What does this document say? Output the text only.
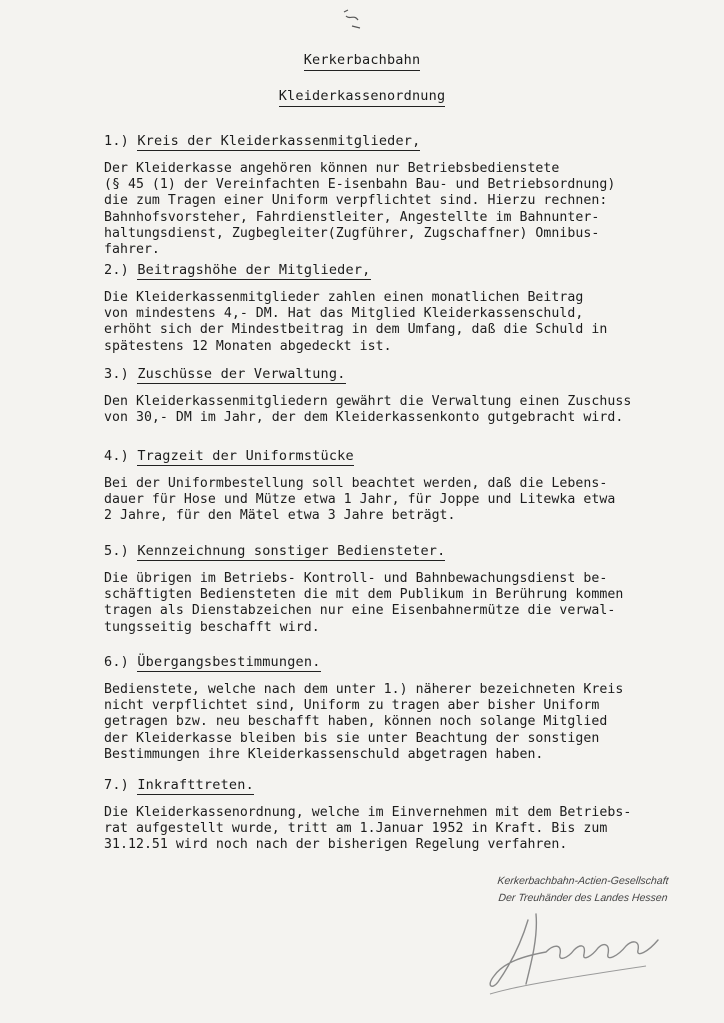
Kerkerbachbahn
Kleiderkassenordnung
1.) Kreis der Kleiderkassenmitglieder,
Der Kleiderkasse angehören können nur Betriebsbedienstete
(§ 45 (1) der Vereinfachten E-isenbahn Bau- und Betriebsordnung)
die zum Tragen einer Uniform verpflichtet sind. Hierzu rechnen:
Bahnhofsvorsteher, Fahrdienstleiter, Angestellte im Bahnunter-
haltungsdienst, Zugbegleiter(Zugführer, Zugschaffner) Omnibus-
fahrer.
2.) Beitragshöhe der Mitglieder,
Die Kleiderkassenmitglieder zahlen einen monatlichen Beitrag
von mindestens 4,- DM. Hat das Mitglied Kleiderkassenschuld,
erhöht sich der Mindestbeitrag in dem Umfang, daß die Schuld in
spätestens 12 Monaten abgedeckt ist.
3.) Zuschüsse der Verwaltung.
Den Kleiderkassenmitgliedern gewährt die Verwaltung einen Zuschuss
von 30,- DM im Jahr, der dem Kleiderkassenkonto gutgebracht wird.
4.) Tragzeit der Uniformstücke
Bei der Uniformbestellung soll beachtet werden, daß die Lebens-
dauer für Hose und Mütze etwa 1 Jahr, für Joppe und Litewka etwa
2 Jahre, für den Mätel etwa 3 Jahre beträgt.
5.) Kennzeichnung sonstiger Bediensteter.
Die übrigen im Betriebs- Kontroll- und Bahnbewachungsdienst be-
schäftigten Bediensteten die mit dem Publikum in Berührung kommen
tragen als Dienstabzeichen nur eine Eisenbahnermütze die verwal-
tungsseitig beschafft wird.
6.) Übergangsbestimmungen.
Bedienstete, welche nach dem unter 1.) näherer bezeichneten Kreis
nicht verpflichtet sind, Uniform zu tragen aber bisher Uniform
getragen bzw. neu beschafft haben, können noch solange Mitglied
der Kleiderkasse bleiben bis sie unter Beachtung der sonstigen
Bestimmungen ihre Kleiderkassenschuld abgetragen haben.
7.) Inkrafttreten.
Die Kleiderkassenordnung, welche im Einvernehmen mit dem Betriebs-
rat aufgestellt wurde, tritt am 1.Januar 1952 in Kraft. Bis zum
31.12.51 wird noch nach der bisherigen Regelung verfahren.
Kerkerbachbahn-Actien-Gesellschaft
Der Treuhänder des Landes Hessen
